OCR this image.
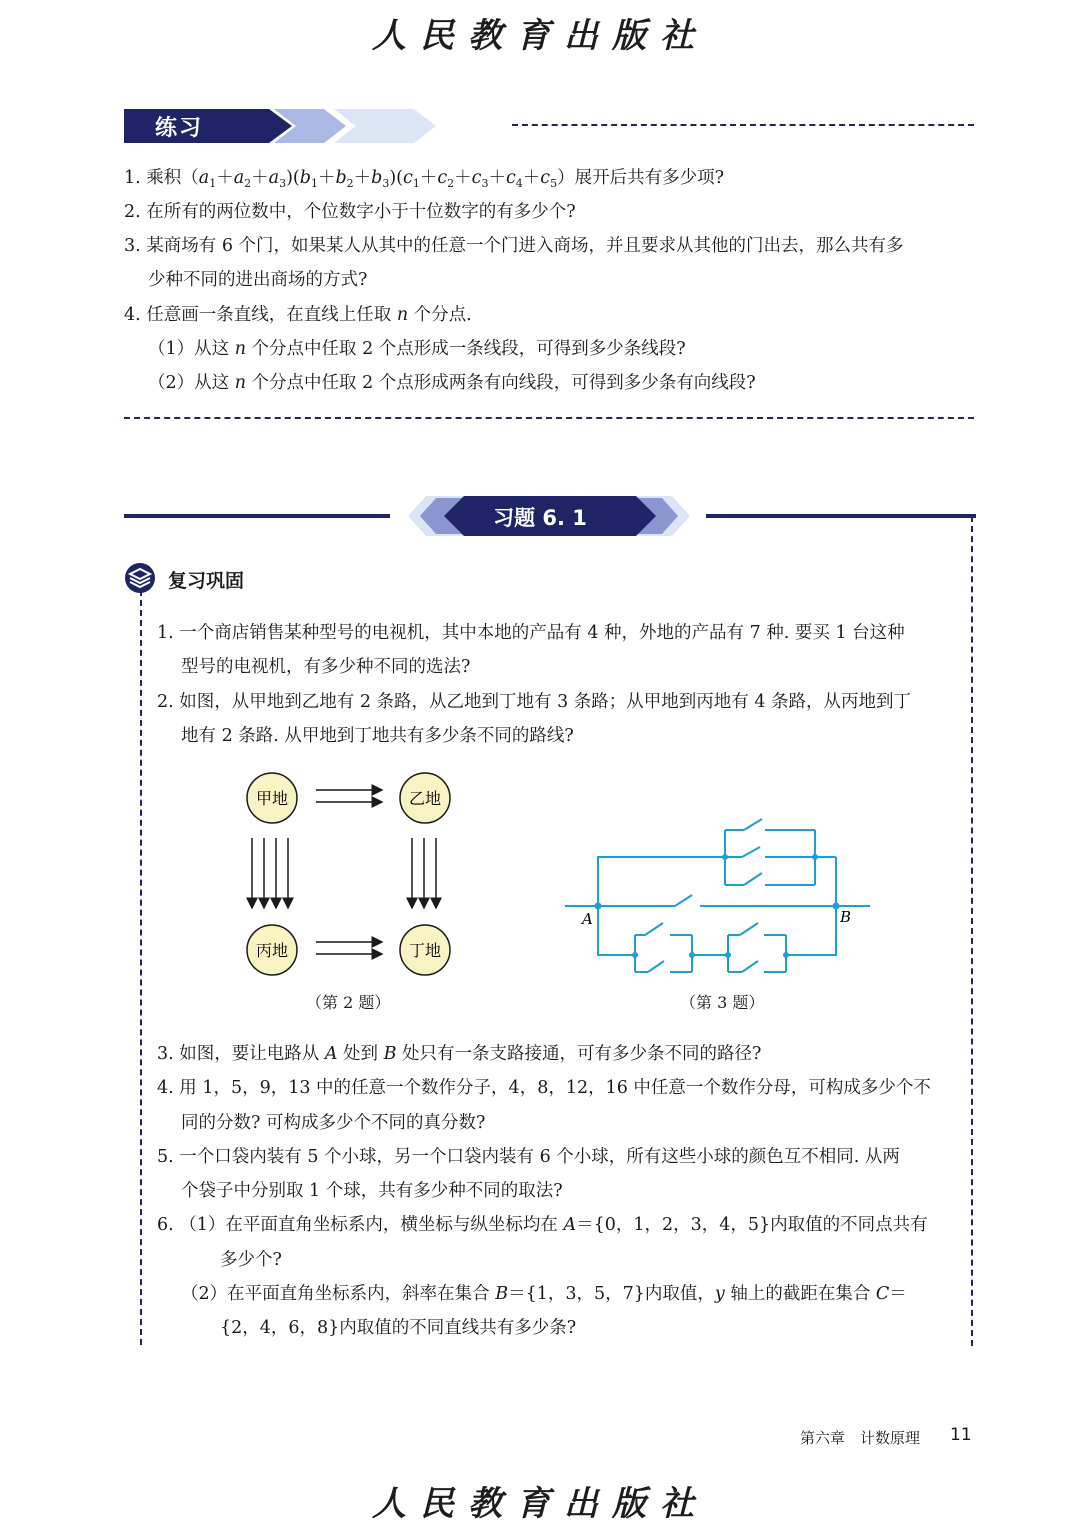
人民教育出版社
练习
1. 乘积$(a_1+a_2+a_3)(b_1+b_2+b_3)(c_1+c_2+c_3+c_4+c_5)$展开后共有多少项?
2. 在所有的两位数中，个位数字小于十位数字的有多少个?
3. 某商场有 6 个门，如果某人从其中的任意一个门进入商场，并且要求从其他的门出去，那么共有多
少种不同的进出商场的方式?
4. 任意画一条直线，在直线上任取 n 个分点.
（1）从这 n 个分点中任取 2 个点形成一条线段，可得到多少条线段?
（2）从这 n 个分点中任取 2 个点形成两条有向线段，可得到多少条有向线段?
习题 6. 1
复习巩固
1. 一个商店销售某种型号的电视机，其中本地的产品有 4 种，外地的产品有 7 种. 要买 1 台这种
型号的电视机，有多少种不同的选法?
2. 如图，从甲地到乙地有 2 条路，从乙地到丁地有 3 条路；从甲地到丙地有 4 条路，从丙地到丁
地有 2 条路. 从甲地到丁地共有多少条不同的路线?
甲地	乙地
丙地	丁地
（第 2 题）
A	B
（第 3 题）
3. 如图，要让电路从 A 处到 B 处只有一条支路接通，可有多少条不同的路径?
4. 用 1，5，9，13 中的任意一个数作分子，4，8，12，16 中任意一个数作分母，可构成多少个不
同的分数? 可构成多少个不同的真分数?
5. 一个口袋内装有 5 个小球，另一个口袋内装有 6 个小球，所有这些小球的颜色互不相同. 从两
个袋子中分别取 1 个球，共有多少种不同的取法?
6. （1）在平面直角坐标系内，横坐标与纵坐标均在 A＝{0，1，2，3，4，5}内取值的不同点共有
多少个?
（2）在平面直角坐标系内，斜率在集合 B＝{1，3，5，7}内取值，y 轴上的截距在集合 C＝
{2，4，6，8}内取值的不同直线共有多少条?
第六章　计数原理 11
人民教育出版社
